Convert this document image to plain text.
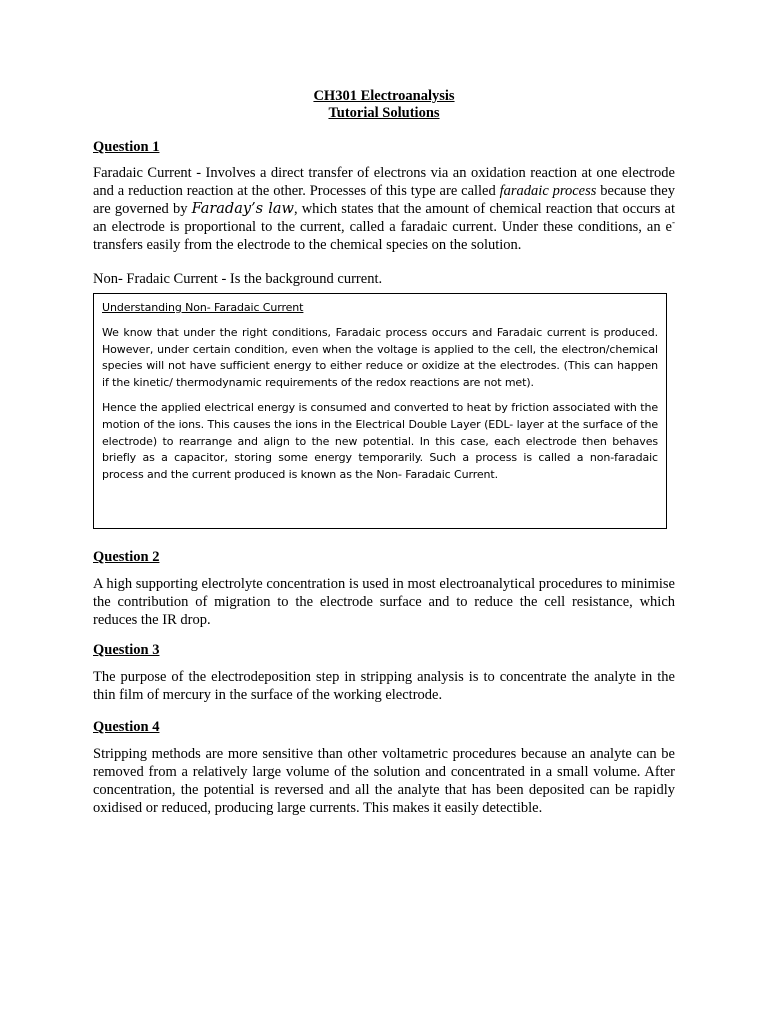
CH301 Electroanalysis
Tutorial Solutions

Question 1

Faradaic Current - Involves a direct transfer of electrons via an oxidation reaction at one electrode and a reduction reaction at the other. Processes of this type are called faradaic process because they are governed by Faraday’s law, which states that the amount of chemical reaction that occurs at an electrode is proportional to the current, called a faradaic current. Under these conditions, an e- transfers easily from the electrode to the chemical species on the solution.

Non- Fradaic Current - Is the background current.

Understanding Non- Faradaic Current

We know that under the right conditions, Faradaic process occurs and Faradaic current is produced. However, under certain condition, even when the voltage is applied to the cell, the electron/chemical species will not have sufficient energy to either reduce or oxidize at the electrodes. (This can happen if the kinetic/ thermodynamic requirements of the redox reactions are not met).

Hence the applied electrical energy is consumed and converted to heat by friction associated with the motion of the ions. This causes the ions in the Electrical Double Layer (EDL- layer at the surface of the electrode) to rearrange and align to the new potential. In this case, each electrode then behaves briefly as a capacitor, storing some energy temporarily. Such a process is called a non-faradaic process and the current produced is known as the Non- Faradaic Current.

Question 2

A high supporting electrolyte concentration is used in most electroanalytical procedures to minimise the contribution of migration to the electrode surface and to reduce the cell resistance, which reduces the IR drop.

Question 3

The purpose of the electrodeposition step in stripping analysis is to concentrate the analyte in the thin film of mercury in the surface of the working electrode.

Question 4

Stripping methods are more sensitive than other voltametric procedures because an analyte can be removed from a relatively large volume of the solution and concentrated in a small volume. After concentration, the potential is reversed and all the analyte that has been deposited can be rapidly oxidised or reduced, producing large currents. This makes it easily detectible.
